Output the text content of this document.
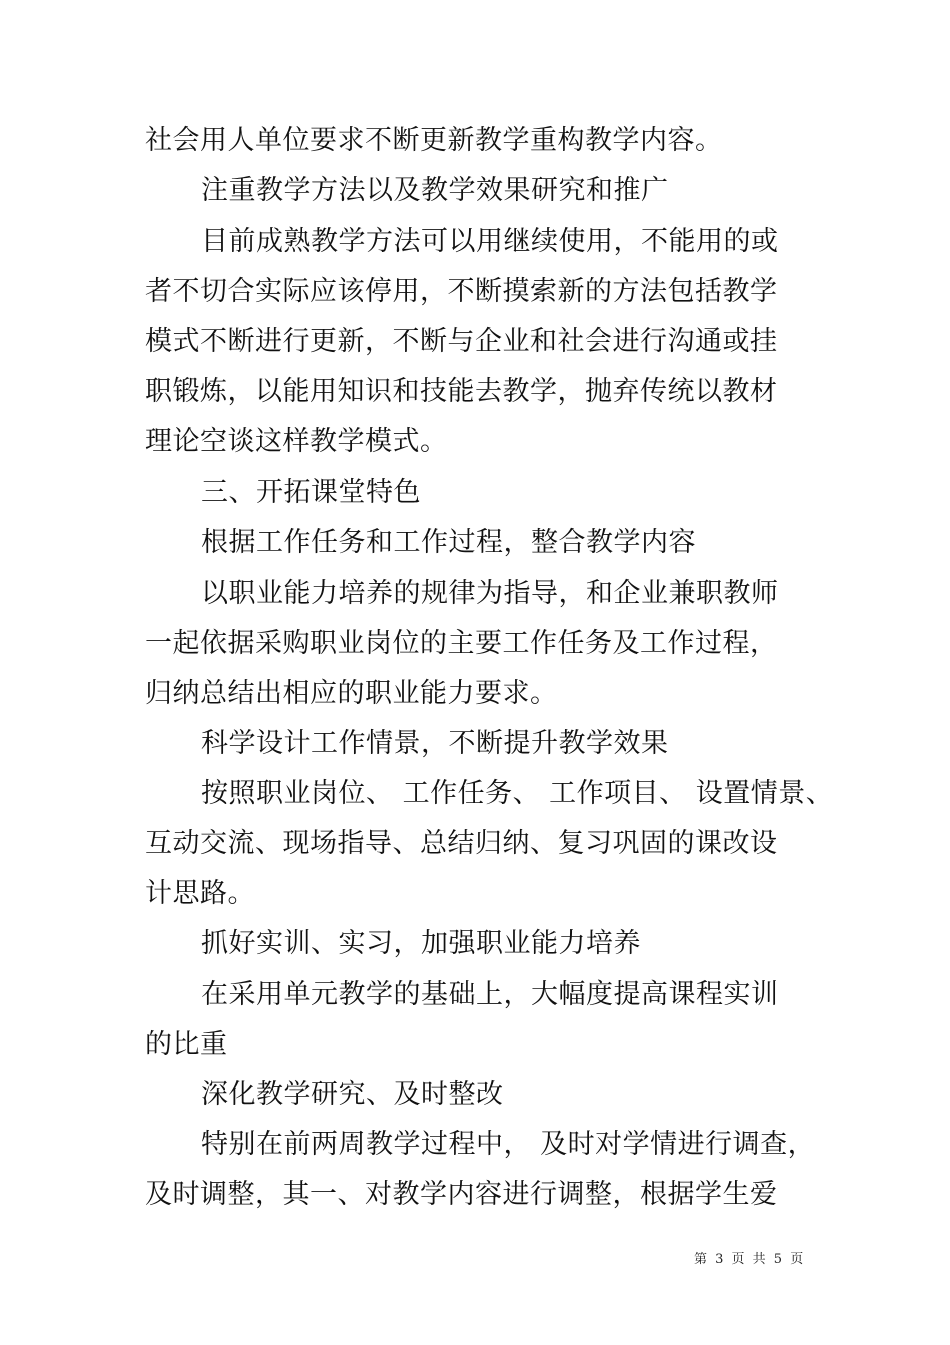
社会用人单位要求不断更新教学重构教学内容。
注重教学方法以及教学效果研究和推广
目前成熟教学方法可以用继续使用，不能用的或
者不切合实际应该停用，不断摸索新的方法包括教学
模式不断进行更新，不断与企业和社会进行沟通或挂
职锻炼，以能用知识和技能去教学，抛弃传统以教材
理论空谈这样教学模式。
三、开拓课堂特色
根据工作任务和工作过程，整合教学内容
以职业能力培养的规律为指导，和企业兼职教师
一起依据采购职业岗位的主要工作任务及工作过程，
归纳总结出相应的职业能力要求。
科学设计工作情景，不断提升教学效果
按照职业岗位、 工作任务、 工作项目、 设置情景、
互动交流、现场指导、总结归纳、复习巩固的课改设
计思路。
抓好实训、实习，加强职业能力培养
在采用单元教学的基础上，大幅度提高课程实训
的比重
深化教学研究、及时整改
特别在前两周教学过程中， 及时对学情进行调查，
及时调整，其一、对教学内容进行调整，根据学生爱
第 3 页 共 5 页
